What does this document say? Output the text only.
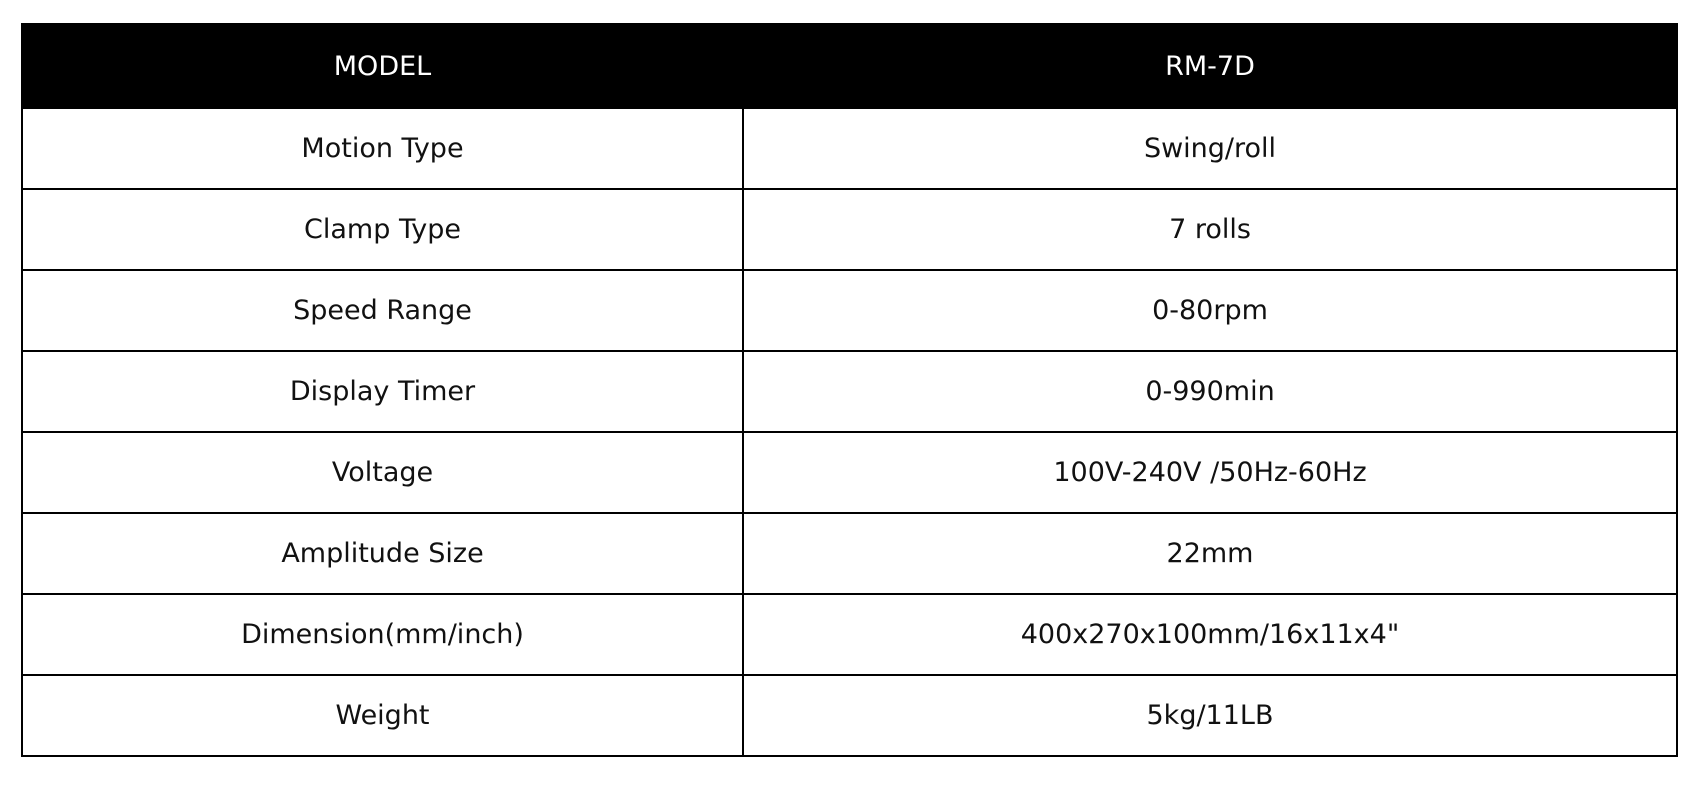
MODEL	RM-7D
Motion Type	Swing/roll
Clamp Type	7 rolls
Speed Range	0-80rpm
Display Timer	0-990min
Voltage	100V-240V /50Hz-60Hz
Amplitude Size	22mm
Dimension(mm/inch)	400x270x100mm/16x11x4"
Weight	5kg/11LB
